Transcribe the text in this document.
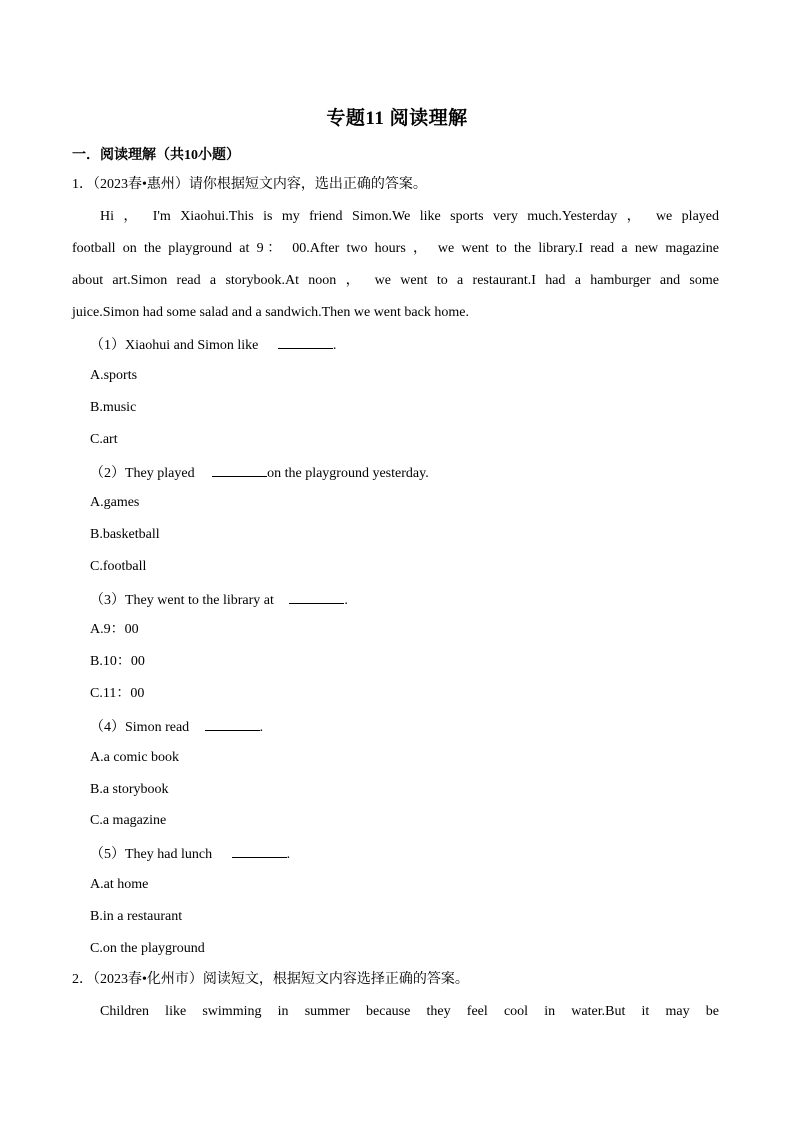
专题11 阅读理解
一．阅读理解（共10小题）
1．（2023春•惠州）请你根据短文内容，选出正确的答案。
Hi ， I'm Xiaohui.This is my friend Simon.We like sports very much.Yesterday ， we played
football on the playground at 9： 00.After two hours ， we went to the library.I read a new magazine
about art.Simon read a storybook.At noon ， we went to a restaurant.I had a hamburger and some
juice.Simon had some salad and a sandwich.Then we went back home.
（1）Xiaohui and Simon like	.
A.sports
B.music
C.art
（2）They played	on the playground yesterday.
A.games
B.basketball
C.football
（3）They went to the library at	.
A.9：00
B.10：00
C.11：00
（4）Simon read	.
A.a comic book
B.a storybook
C.a magazine
（5）They had lunch	.
A.at home
B.in a restaurant
C.on the playground
2．（2023春•化州市）阅读短文，根据短文内容选择正确的答案。
Children like swimming in summer because they feel cool in water.But it may be
